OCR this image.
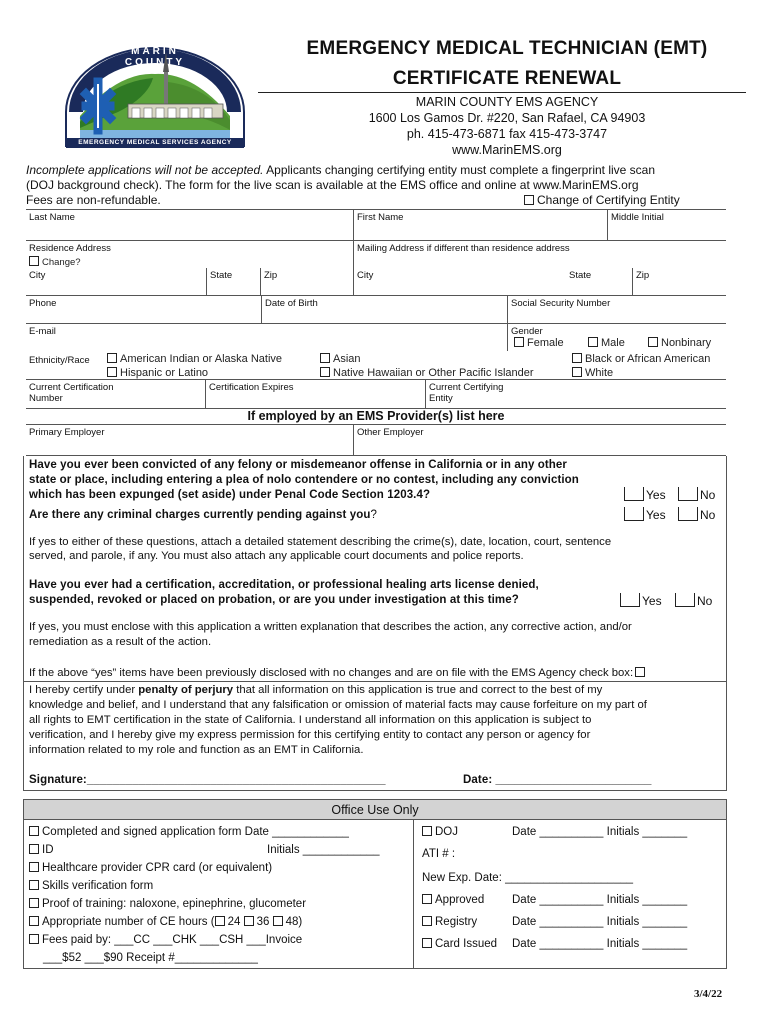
MARIN COUNTY
EMERGENCY MEDICAL SERVICES AGENCY
EMERGENCY MEDICAL TECHNICIAN (EMT)
CERTIFICATE RENEWAL
MARIN COUNTY EMS AGENCY
1600 Los Gamos Dr. #220, San Rafael, CA 94903
ph. 415-473-6871 fax 415-473-3747
www.MarinEMS.org
Incomplete applications will not be accepted. Applicants changing certifying entity must complete a fingerprint live scan
(DOJ background check). The form for the live scan is available at the EMS office and online at www.MarinEMS.org
Fees are non-refundable.	Change of Certifying Entity
Last Name	First Name	Middle Initial
Residence Address
Change?
Mailing Address if different than residence address
City	State	Zip	City	State	Zip
Phone	Date of Birth	Social Security Number
E-mail	Gender
Female	Male	Nonbinary
Ethnicity/Race	American Indian or Alaska Native	Asian	Black or African American
Hispanic or Latino	Native Hawaiian or Other Pacific Islander	White
Current Certification
Number
Certification Expires	Current Certifying
Entity
If employed by an EMS Provider(s) list here
Primary Employer	Other Employer
Have you ever been convicted of any felony or misdemeanor offense in California or in any other
state or place, including entering a plea of nolo contendere or no contest, including any conviction
which has been expunged (set aside) under Penal Code Section 1203.4?	Yes	No
Are there any criminal charges currently pending against you?	Yes	No
If yes to either of these questions, attach a detailed statement describing the crime(s), date, location, court, sentence
served, and parole, if any. You must also attach any applicable court documents and police reports.
Have you ever had a certification, accreditation, or professional healing arts license denied,
suspended, revoked or placed on probation, or are you under investigation at this time?	Yes	No
If yes, you must enclose with this application a written explanation that describes the action, any corrective action, and/or
remediation as a result of the action.
If the above “yes” items have been previously disclosed with no changes and are on file with the EMS Agency check box:
I hereby certify under penalty of perjury that all information on this application is true and correct to the best of my
knowledge and belief, and I understand that any falsification or omission of material facts may cause forfeiture on my part of
all rights to EMT certification in the state of California. I understand all information on this application is subject to
verification, and I hereby give my express permission for this certifying entity to contact any person or agency for
information related to my role and function as an EMT in California.
Signature:______________________________________________	Date: ________________________
Office Use Only
Completed and signed application form Date ____________
ID	Initials ____________
Healthcare provider CPR card (or equivalent)
Skills verification form
Proof of training: naloxone, epinephrine, glucometer
Appropriate number of CE hours ( 24 36 48)
Fees paid by: ___CC ___CHK ___CSH ___Invoice
___$52 ___$90 Receipt #_____________
DOJ	Date __________ Initials _______
ATI # :
New Exp. Date: ____________________
Approved Date __________ Initials _______
Registry	Date __________ Initials _______
Card Issued Date __________ Initials _______
3/4/22
